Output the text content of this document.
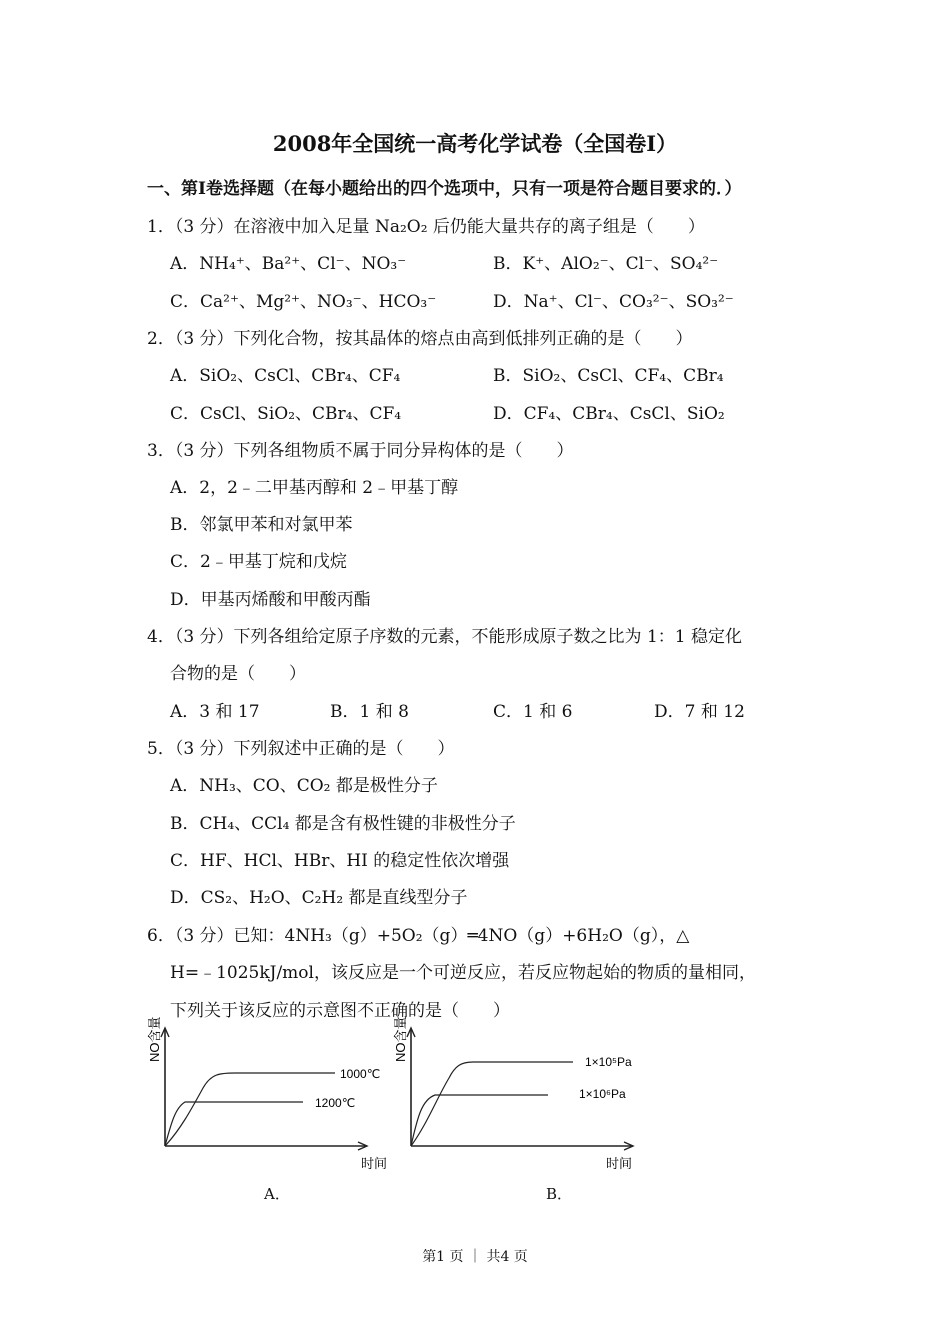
2008年全国统一高考化学试卷（全国卷I）
一、第I卷选择题（在每小题给出的四个选项中，只有一项是符合题目要求的．）
1．（3 分）在溶液中加入足量 Na₂O₂ 后仍能大量共存的离子组是（　　）
A．NH₄⁺、Ba²⁺、Cl⁻、NO₃⁻	B．K⁺、AlO₂⁻、Cl⁻、SO₄²⁻
C．Ca²⁺、Mg²⁺、NO₃⁻、HCO₃⁻	D．Na⁺、Cl⁻、CO₃²⁻、SO₃²⁻
2．（3 分）下列化合物，按其晶体的熔点由高到低排列正确的是（　　）
A．SiO₂、CsCl、CBr₄、CF₄	B．SiO₂、CsCl、CF₄、CBr₄
C．CsCl、SiO₂、CBr₄、CF₄	D．CF₄、CBr₄、CsCl、SiO₂
3．（3 分）下列各组物质不属于同分异构体的是（　　）
A．2，2﹣二甲基丙醇和 2﹣甲基丁醇
B．邻氯甲苯和对氯甲苯
C．2﹣甲基丁烷和戊烷
D．甲基丙烯酸和甲酸丙酯
4．（3 分）下列各组给定原子序数的元素，不能形成原子数之比为 1：1 稳定化
合物的是（　　）
A．3 和 17	B．1 和 8	C．1 和 6	D．7 和 12
5．（3 分）下列叙述中正确的是（　　）
A．NH₃、CO、CO₂ 都是极性分子
B．CH₄、CCl₄ 都是含有极性键的非极性分子
C．HF、HCl、HBr、HI 的稳定性依次增强
D．CS₂、H₂O、C₂H₂ 都是直线型分子
6．（3 分）已知：4NH₃（g）+5O₂（g）═4NO（g）+6H₂O（g），△
H=﹣1025kJ/mol，该反应是一个可逆反应，若反应物起始的物质的量相同，
下列关于该反应的示意图不正确的是（　　）
1000℃
1200℃
NO含量
时间
A．
1×10⁵Pa
1×10⁶Pa
NO含量
时间
B．
第1 页 ｜ 共4 页
